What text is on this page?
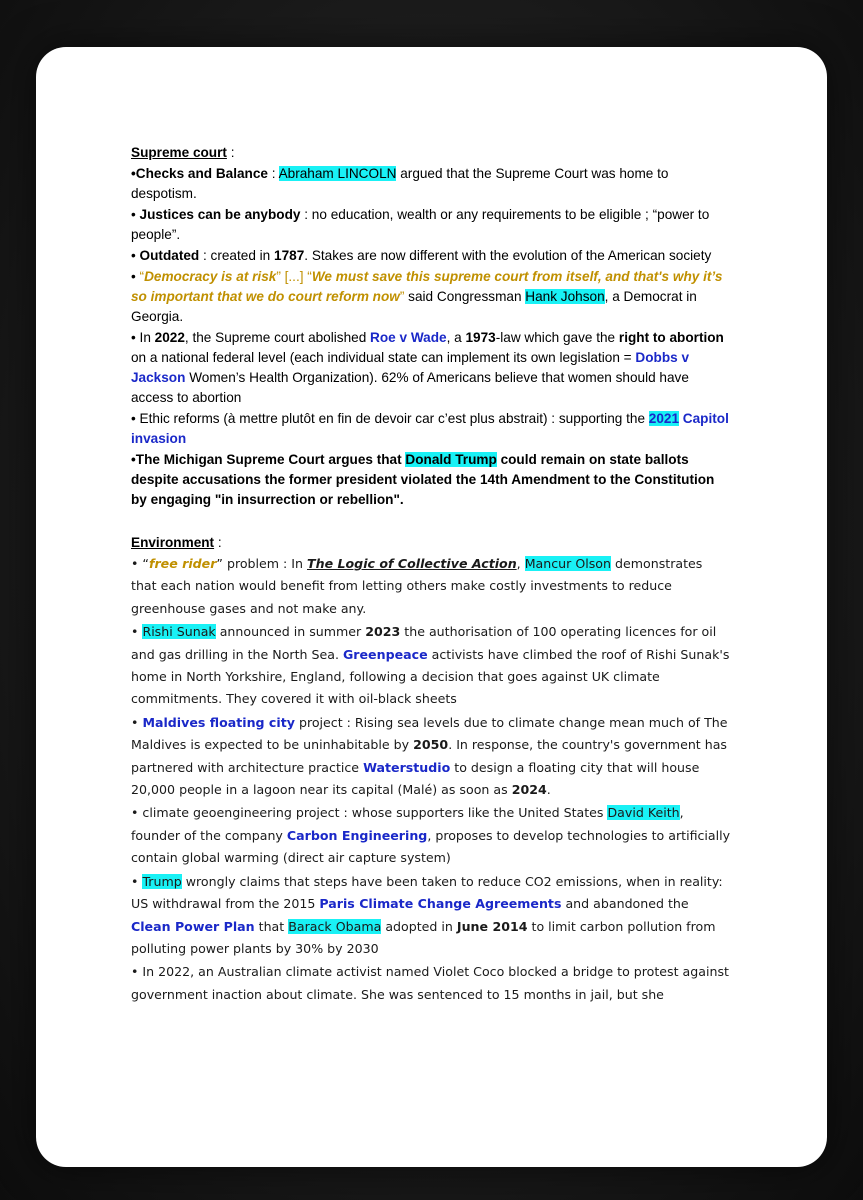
Supreme court :
•Checks and Balance : Abraham LINCOLN argued that the Supreme Court was home to despotism.
• Justices can be anybody : no education, wealth or any requirements to be eligible ; “power to people”.
• Outdated : created in 1787. Stakes are now different with the evolution of the American society
• “Democracy is at risk” [...] “We must save this supreme court from itself, and that's why it’s so important that we do court reform now” said Congressman Hank Johson, a Democrat in Georgia.
• In 2022, the Supreme court abolished Roe v Wade, a 1973-law which gave the right to abortion on a national federal level (each individual state can implement its own legislation = Dobbs v Jackson Women’s Health Organization). 62% of Americans believe that women should have access to abortion
• Ethic reforms (à mettre plutôt en fin de devoir car c’est plus abstrait) : supporting the 2021 Capitol invasion
•The Michigan Supreme Court argues that Donald Trump could remain on state ballots despite accusations the former president violated the 14th Amendment to the Constitution by engaging "in insurrection or rebellion".
Environment :
• “free rider” problem : In The Logic of Collective Action, Mancur Olson demonstrates that each nation would benefit from letting others make costly investments to reduce greenhouse gases and not make any.
• Rishi Sunak announced in summer 2023 the authorisation of 100 operating licences for oil and gas drilling in the North Sea. Greenpeace activists have climbed the roof of Rishi Sunak's home in North Yorkshire, England, following a decision that goes against UK climate commitments. They covered it with oil-black sheets
• Maldives floating city project : Rising sea levels due to climate change mean much of The Maldives is expected to be uninhabitable by 2050. In response, the country's government has partnered with architecture practice Waterstudio to design a floating city that will house 20,000 people in a lagoon near its capital (Malé) as soon as 2024.
• climate geoengineering project : whose supporters like the United States David Keith, founder of the company Carbon Engineering, proposes to develop technologies to artificially contain global warming (direct air capture system)
• Trump wrongly claims that steps have been taken to reduce CO2 emissions, when in reality: US withdrawal from the 2015 Paris Climate Change Agreements and abandoned the Clean Power Plan that Barack Obama adopted in June 2014 to limit carbon pollution from polluting power plants by 30% by 2030
• In 2022, an Australian climate activist named Violet Coco blocked a bridge to protest against government inaction about climate. She was sentenced to 15 months in jail, but she
